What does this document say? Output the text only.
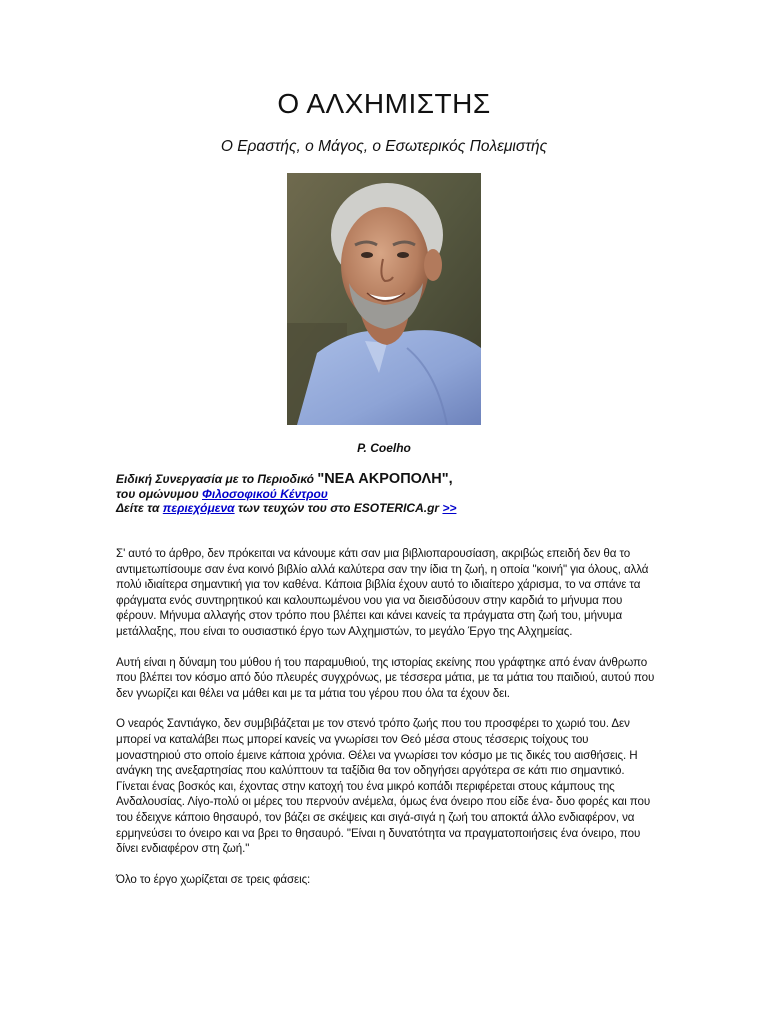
Ο ΑΛΧΗΜΙΣΤΗΣ

Ο Εραστής, ο Μάγος, ο Εσωτερικός Πολεμιστής

P. Coelho
Ειδική Συνεργασία με το Περιοδικό "ΝΕΑ ΑΚΡΟΠΟΛΗ",
του ομώνυμου Φιλοσοφικού Κέντρου
Δείτε τα περιεχόμενα των τευχών του στο ESOTERICA.gr >>

Σ' αυτό το άρθρο, δεν πρόκειται να κάνουμε κάτι σαν μια βιβλιοπαρουσίαση, ακριβώς επειδή δεν θα το αντιμετωπίσουμε σαν ένα κοινό βιβλίο αλλά καλύτερα σαν την ίδια τη ζωή, η οποία "κοινή" για όλους, αλλά πολύ ιδιαίτερα σημαντική για τον καθένα. Κάποια βιβλία έχουν αυτό το ιδιαίτερο χάρισμα, το να σπάνε τα φράγματα ενός συντηρητικού και καλουπωμένου νου για να διεισδύσουν στην καρδιά το μήνυμα που φέρουν. Μήνυμα αλλαγής στον τρόπο που βλέπει και κάνει κανείς τα πράγματα στη ζωή του, μήνυμα μετάλλαξης, που είναι το ουσιαστικό έργο των Αλχημιστών, το μεγάλο Έργο της Αλχημείας.

Αυτή είναι η δύναμη του μύθου ή του παραμυθιού, της ιστορίας εκείνης που γράφτηκε από έναν άνθρωπο που βλέπει τον κόσμο από δύο πλευρές συγχρόνως, με τέσσερα μάτια, με τα μάτια του παιδιού, αυτού που δεν γνωρίζει και θέλει να μάθει και με τα μάτια του γέρου που όλα τα έχουν δει.

Ο νεαρός Σαντιάγκο, δεν συμβιβάζεται με τον στενό τρόπο ζωής που του προσφέρει το χωριό του. Δεν μπορεί να καταλάβει πως μπορεί κανείς να γνωρίσει τον Θεό μέσα στους τέσσερις τοίχους του μοναστηριού στο οποίο έμεινε κάποια χρόνια. Θέλει να γνωρίσει τον κόσμο με τις δικές του αισθήσεις. Η ανάγκη της ανεξαρτησίας που καλύπτουν τα ταξίδια θα τον οδηγήσει αργότερα σε κάτι πιο σημαντικό. Γίνεται ένας βοσκός και, έχοντας στην κατοχή του ένα μικρό κοπάδι περιφέρεται στους κάμπους της Ανδαλουσίας. Λίγο-πολύ οι μέρες του περνούν ανέμελα, όμως ένα όνειρο που είδε ένα- δυο φορές και που του έδειχνε κάποιο θησαυρό, τον βάζει σε σκέψεις και σιγά-σιγά η ζωή του αποκτά άλλο ενδιαφέρον, να ερμηνεύσει το όνειρο και να βρει το θησαυρό. "Είναι η δυνατότητα να πραγματοποιήσεις ένα όνειρο, που δίνει ενδιαφέρον στη ζωή."

Όλο το έργο χωρίζεται σε τρεις φάσεις:
